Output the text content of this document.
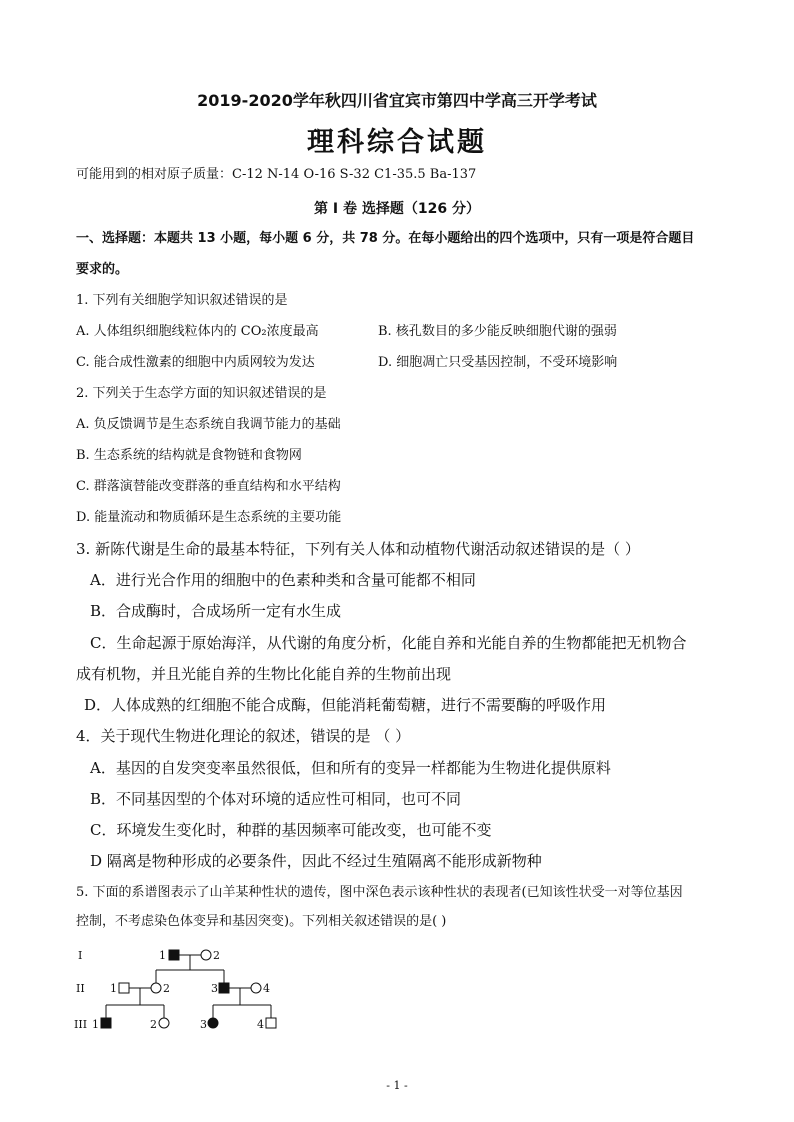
2019-2020学年秋四川省宜宾市第四中学高三开学考试
理科综合试题
可能用到的相对原子质量：C-12 N-14 O-16 S-32 C1-35.5 Ba-137
第 I 卷 选择题（126 分）
一、选择题：本题共 13 小题，每小题 6 分，共 78 分。在每小题给出的四个选项中，只有一项是符合题目
要求的。
1. 下列有关细胞学知识叙述错误的是
A. 人体组织细胞线粒体内的 CO₂浓度最高	B. 核孔数目的多少能反映细胞代谢的强弱
C. 能合成性激素的细胞中内质网较为发达	D. 细胞凋亡只受基因控制，不受环境影响
2. 下列关于生态学方面的知识叙述错误的是
A. 负反馈调节是生态系统自我调节能力的基础
B. 生态系统的结构就是食物链和食物网
C. 群落演替能改变群落的垂直结构和水平结构
D. 能量流动和物质循环是生态系统的主要功能
3. 新陈代谢是生命的最基本特征，下列有关人体和动植物代谢活动叙述错误的是（ ）
A．进行光合作用的细胞中的色素种类和含量可能都不相同
B．合成酶时，合成场所一定有水生成
C．生命起源于原始海洋，从代谢的角度分析，化能自养和光能自养的生物都能把无机物合
成有机物，并且光能自养的生物比化能自养的生物前出现
D．人体成熟的红细胞不能合成酶，但能消耗葡萄糖，进行不需要酶的呼吸作用
4．关于现代生物进化理论的叙述，错误的是 （ ）
A．基因的自发突变率虽然很低，但和所有的变异一样都能为生物进化提供原料
B．不同基因型的个体对环境的适应性可相同，也可不同
C．环境发生变化时，种群的基因频率可能改变，也可能不变
D 隔离是物种形成的必要条件，因此不经过生殖隔离不能形成新物种
5. 下面的系谱图表示了山羊某种性状的遗传，图中深色表示该种性状的表现者(已知该性状受一对等位基因
控制，不考虑染色体变异和基因突变)。下列相关叙述错误的是( )
I
II
III
1	2
1	2	3	4
1	2	3	4
- 1 -
